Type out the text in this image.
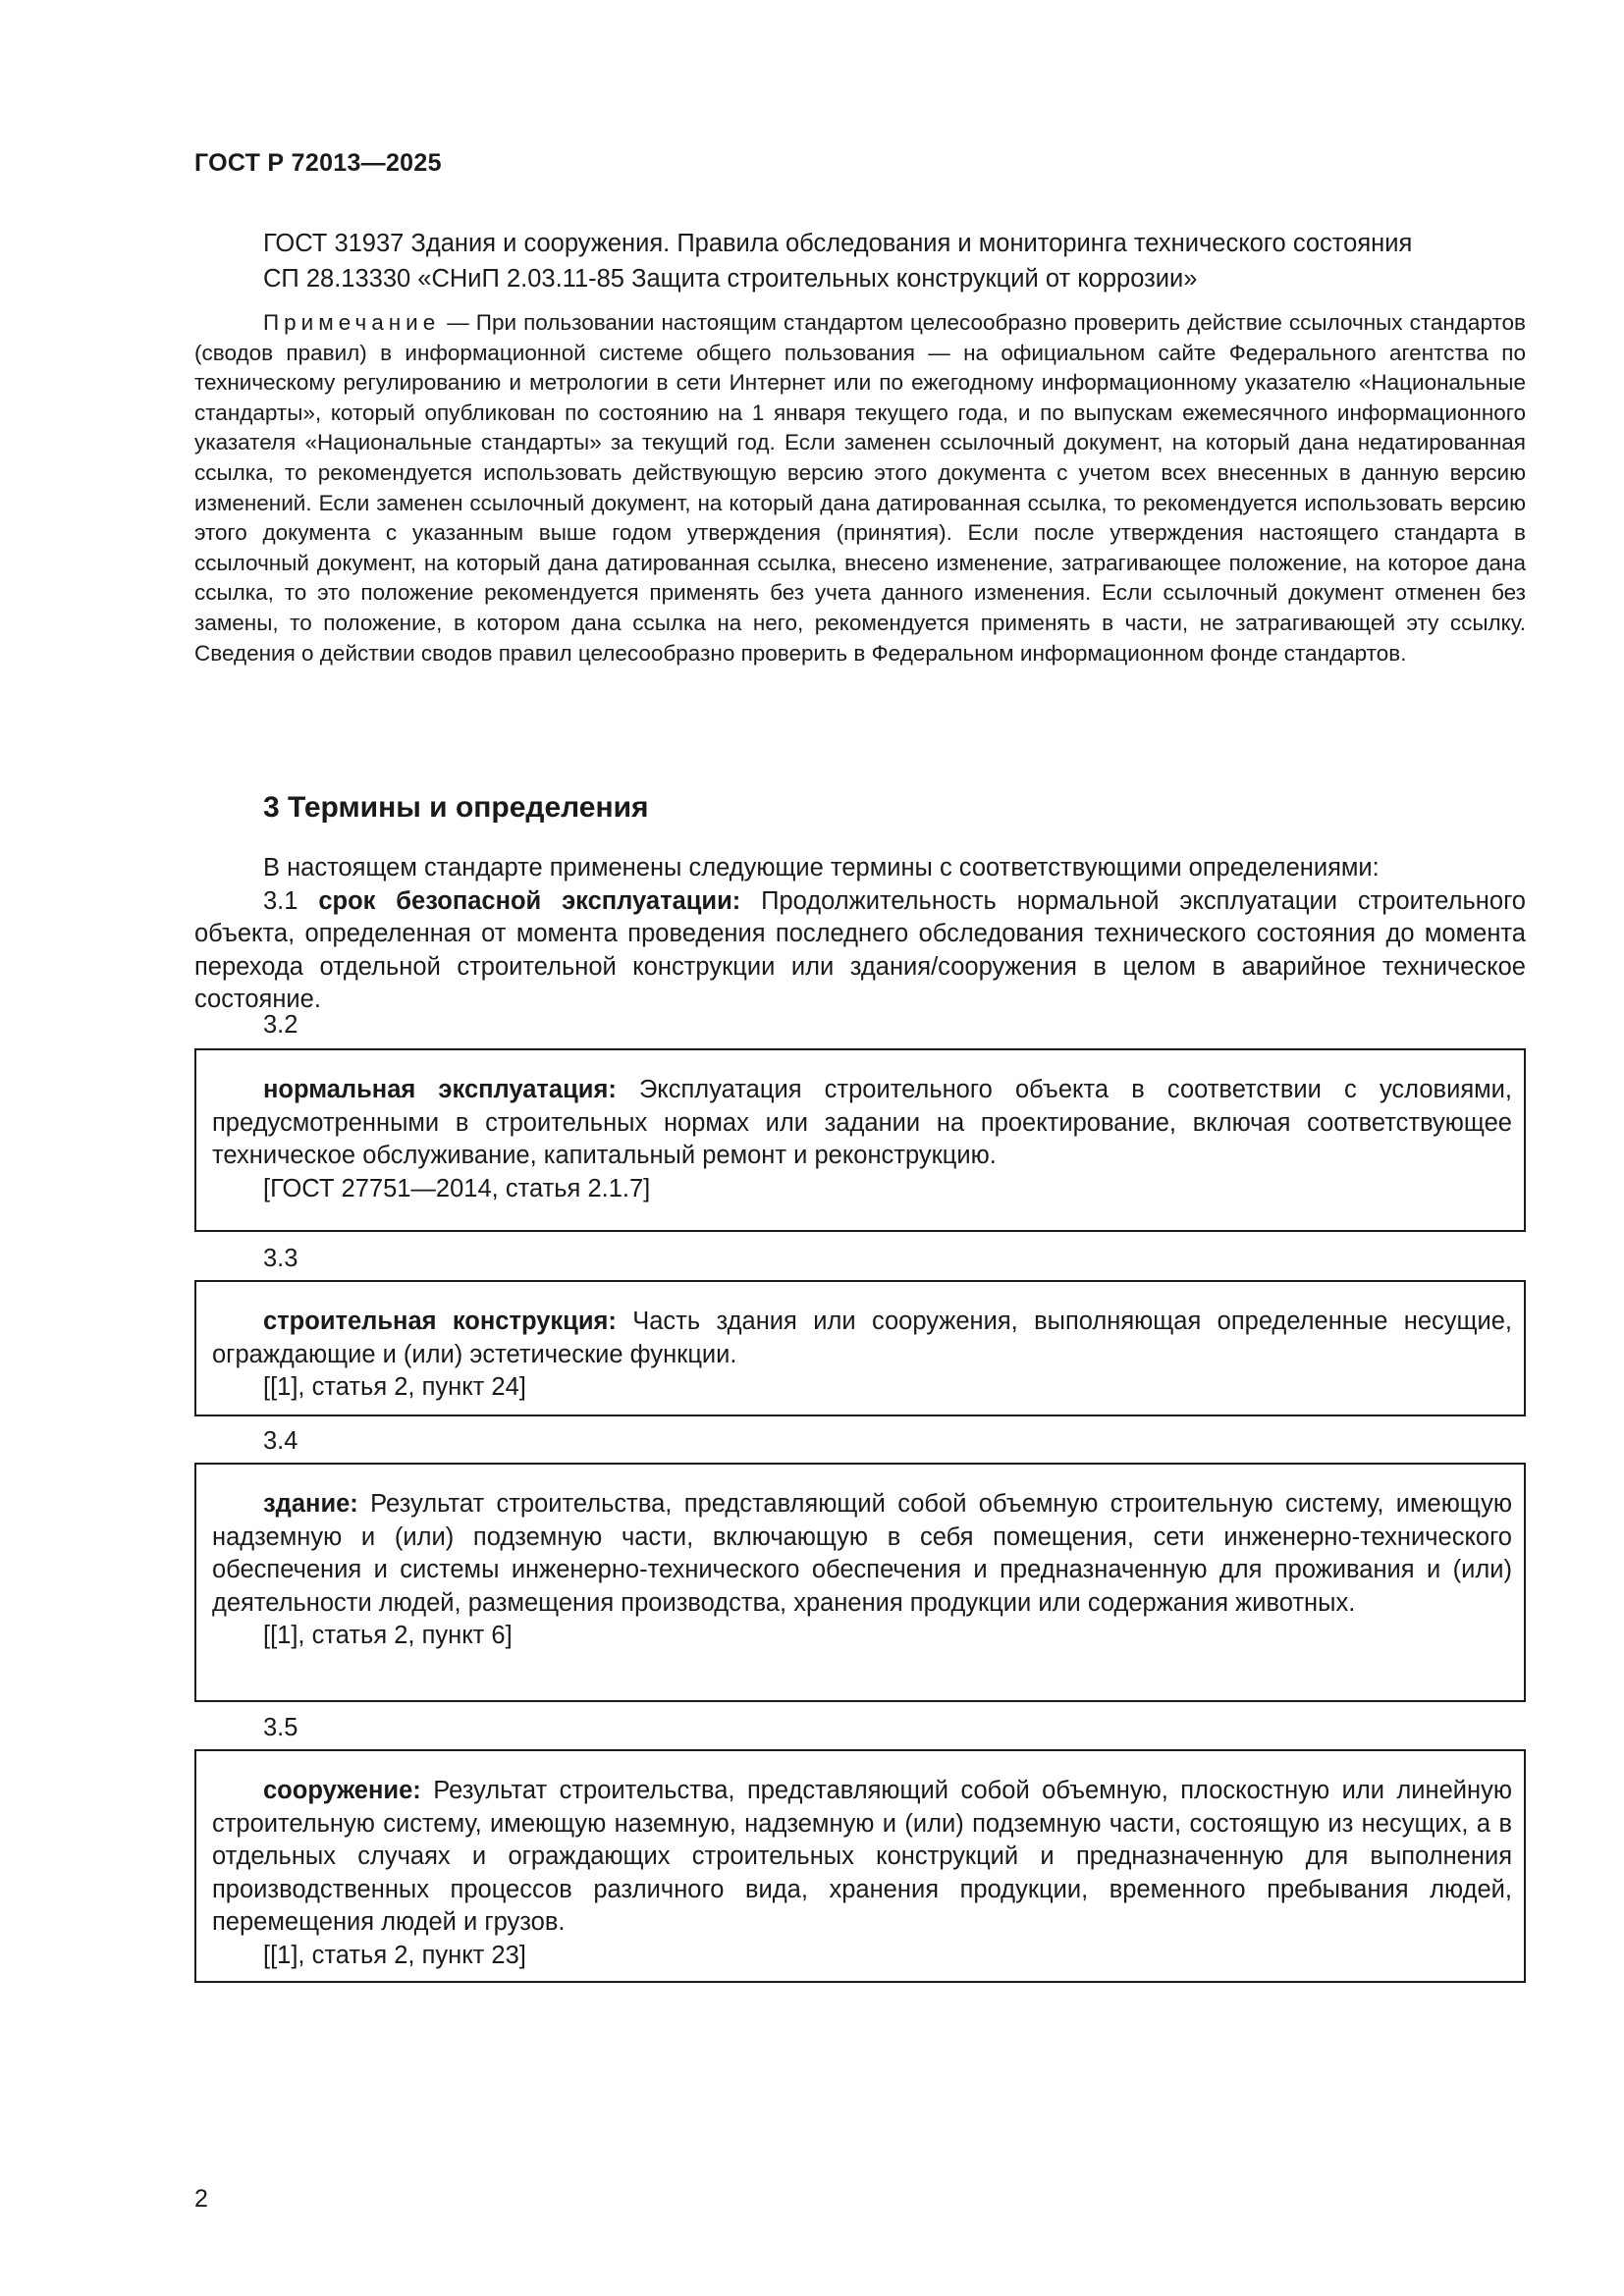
ГОСТ Р 72013—2025
ГОСТ 31937 Здания и сооружения. Правила обследования и мониторинга технического состояния
СП 28.13330 «СНиП 2.03.11-85 Защита строительных конструкций от коррозии»
Примечание — При пользовании настоящим стандартом целесообразно проверить действие ссылочных стандартов (сводов правил) в информационной системе общего пользования — на официальном сайте Федерального агентства по техническому регулированию и метрологии в сети Интернет или по ежегодному информационному указателю «Национальные стандарты», который опубликован по состоянию на 1 января текущего года, и по выпускам ежемесячного информационного указателя «Национальные стандарты» за текущий год. Если заменен ссылочный документ, на который дана недатированная ссылка, то рекомендуется использовать действующую версию этого документа с учетом всех внесенных в данную версию изменений. Если заменен ссылочный документ, на который дана датированная ссылка, то рекомендуется использовать версию этого документа с указанным выше годом утверждения (принятия). Если после утверждения настоящего стандарта в ссылочный документ, на который дана датированная ссылка, внесено изменение, затрагивающее положение, на которое дана ссылка, то это положение рекомендуется применять без учета данного изменения. Если ссылочный документ отменен без замены, то положение, в котором дана ссылка на него, рекомендуется применять в части, не затрагивающей эту ссылку. Сведения о действии сводов правил целесообразно проверить в Федеральном информационном фонде стандартов.
3 Термины и определения
В настоящем стандарте применены следующие термины с соответствующими определениями:
3.1 срок безопасной эксплуатации: Продолжительность нормальной эксплуатации строительного объекта, определенная от момента проведения последнего обследования технического состояния до момента перехода отдельной строительной конструкции или здания/сооружения в целом в аварийное техническое состояние.
3.2
нормальная эксплуатация: Эксплуатация строительного объекта в соответствии с условиями, предусмотренными в строительных нормах или задании на проектирование, включая соответствующее техническое обслуживание, капитальный ремонт и реконструкцию.
[ГОСТ 27751—2014, статья 2.1.7]
3.3
строительная конструкция: Часть здания или сооружения, выполняющая определенные несущие, ограждающие и (или) эстетические функции.
[[1], статья 2, пункт 24]
3.4
здание: Результат строительства, представляющий собой объемную строительную систему, имеющую надземную и (или) подземную части, включающую в себя помещения, сети инженерно-технического обеспечения и системы инженерно-технического обеспечения и предназначенную для проживания и (или) деятельности людей, размещения производства, хранения продукции или содержания животных.
[[1], статья 2, пункт 6]
3.5
сооружение: Результат строительства, представляющий собой объемную, плоскостную или линейную строительную систему, имеющую наземную, надземную и (или) подземную части, состоящую из несущих, а в отдельных случаях и ограждающих строительных конструкций и предназначенную для выполнения производственных процессов различного вида, хранения продукции, временного пребывания людей, перемещения людей и грузов.
[[1], статья 2, пункт 23]
2
